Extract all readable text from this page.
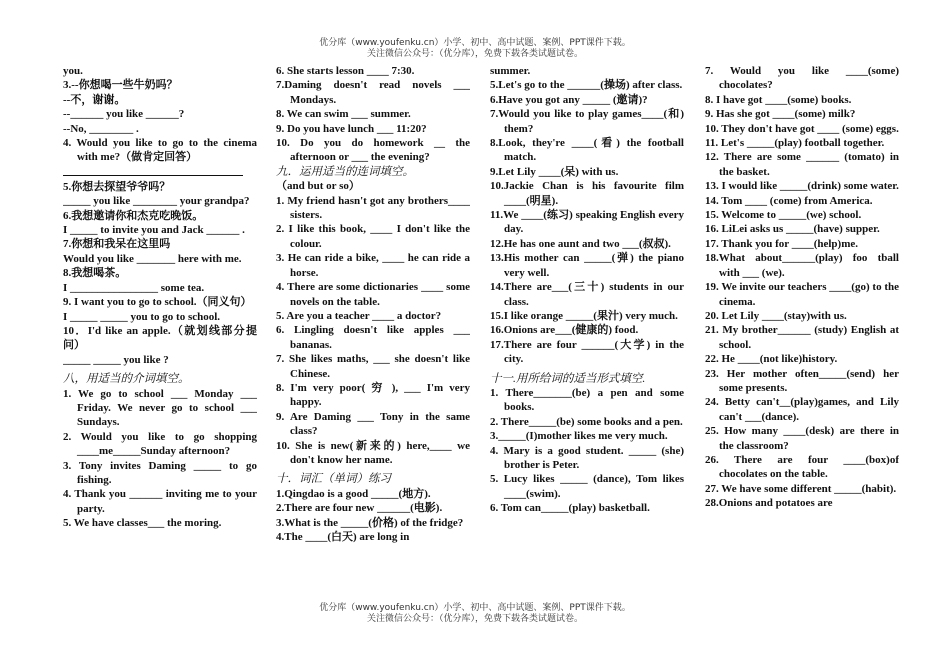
优分库（www.youfenku.cn）小学、初中、高中试题、案例、PPT课件下载。
关注微信公众号：（优分库），免费下载各类试题试卷。
you.
3.--你想喝一些牛奶吗？
--不，谢谢。
--______ you like ______?
--No, ________ .
4. Would you like to go to the cinema with me?（做肯定回答）
5.你想去探望爷爷吗？
_____ you like ________ your grandpa?
6.我想邀请你和杰克吃晚饭。
I _____ to invite you and Jack ______ .
7.你想和我呆在这里吗
Would you like _______ here with me.
8.我想喝茶。
I ________________ some tea.
9. I want you to go to school.（同义句）
I _____ _____ you to go to school.
10．I'd like an apple.（就划线部分提问）
_____ _____ you like ?
八，用适当的介词填空。
1. We go to school ___ Monday ___ Friday. We never go to school ___ Sundays.
2. Would you like to go shopping ____me_____Sunday afternoon?
3. Tony invites Daming _____ to go fishing.
4. Thank you ______ inviting me to your party.
5. We have classes___ the moring.
6. She starts lesson ____ 7:30.
7.Daming doesn't read novels ___ Mondays.
8. We can swim ___ summer.
9. Do you have lunch ___ 11:20?
10. Do you do homework __ the afternoon or ___ the evening?
九．运用适当的连词填空。
（and but or so）
1. My friend hasn't got any brothers____ sisters.
2. I like this book, ____ I don't like the colour.
3. He can ride a bike, ____ he can ride a horse.
4. There are some dictionaries ____ some novels on the table.
5. Are you a teacher ____ a doctor?
6. Lingling doesn't like apples ___ bananas.
7. She likes maths, ___ she doesn't like Chinese.
8. I'm very poor( 穷 ), ___ I'm very happy.
9. Are Daming ___ Tony in the same class?
10. She is new(新来的) here,____ we don't know her name.
十．词汇（单词）练习
1.Qingdao is a good _____(地方).
2.There are four new ______(电影).
3.What is the _____(价格) of the fridge?
4.The ____(白天) are long in
summer.
5.Let's go to the ______(操场) after class.
6.Have you got any _____ (邀请)?
7.Would you like to play games____(和) them?
8.Look, they're ____(看) the football match.
9.Let Lily ____(呆) with us.
10.Jackie Chan is his favourite film ____(明星).
11.We ____(练习) speaking English every day.
12.He has one aunt and two ___(叔叔).
13.His mother can _____(弹) the piano very well.
14.There are___(三十) students in our class.
15.I like orange _____(果汁) very much.
16.Onions are___(健康的) food.
17.There are four ______(大学) in the city.
十一.用所给词的适当形式填空.
1. There_______(be) a pen and some books.
2. There_____(be) some books and a pen.
3._____(I)mother likes me very much.
4. Mary is a good student. _____ (she) brother is Peter.
5. Lucy likes _____ (dance), Tom likes ____(swim).
6. Tom can_____(play) basketball.
7. Would you like ____(some) chocolates?
8. I have got ____(some) books.
9. Has she got ____(some) milk?
10. They don't have got ____ (some) eggs.
11. Let's _____(play) football together.
12. There are some ______ (tomato) in the basket.
13. I would like _____(drink) some water.
14. Tom ____ (come) from America.
15. Welcome to _____(we) school.
16. LiLei asks us _____(have) supper.
17. Thank you for ____(help)me.
18.What about______(play) foo tball with ___ (we).
19. We invite our teachers ____(go) to the cinema.
20. Let Lily ____(stay)with us.
21. My brother______ (study) English at school.
22. He ____(not like)history.
23. Her mother often_____(send) her some presents.
24. Betty can't__(play)games, and Lily can't ___(dance).
25. How many ____(desk) are there in the classroom?
26. There are four ____(box)of chocolates on the table.
27. We have some different _____(habit).
28.Onions and potatoes are
优分库（www.youfenku.cn）小学、初中、高中试题、案例、PPT课件下载。
关注微信公众号：（优分库），免费下载各类试题试卷。
